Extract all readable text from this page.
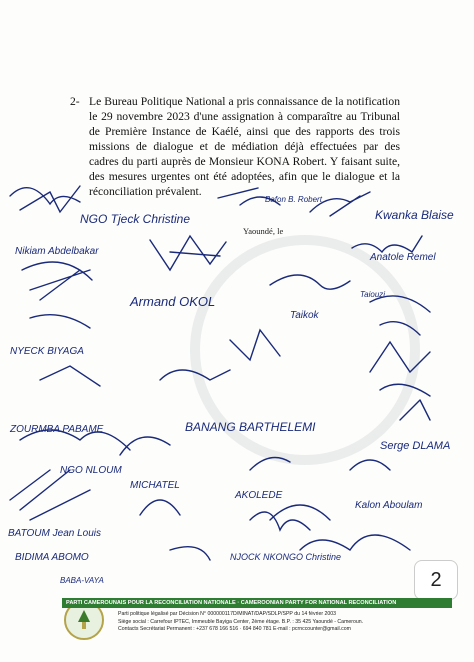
2- Le Bureau Politique National a pris connaissance de la notification le 29 novembre 2023 d'une assignation à comparaître au Tribunal de Première Instance de Kaélé, ainsi que des rapports des trois missions de dialogue et de médiation déjà effectuées par des cadres du parti auprès de Monsieur KONA Robert. Y faisant suite, des mesures urgentes ont été adoptées, afin que le dialogue et la réconciliation prévalent.

Yaoundé, le
NGO Tjeck Christine
Bafon B. Robert
Kwanka Blaise
Nikiam Abdelbakar
Armand OKOL
Anatole Remel
Taiouzi
NYECK BIYAGA
Taikok
ZOURMBA PABAME	BANANG BARTHELEMI
Serge DLAMA
NGO NLOUM
MICHATEL
AKOLEDE
Kalon Aboulam
BATOUM Jean Louis
BIDIMA ABOMO
BABA-VAYA
NJOCK NKONGO Christine
2
PARTI CAMEROUNAIS POUR LA RECONCILIATION NATIONALE · CAMEROONIAN PARTY FOR NATIONAL RECONCILIATION
Parti politique légalisé par Décision N° 000000117D/MINAT/DAP/SDLP/SPP du 14 février 2003
Siège social : Carrefour IPTEC, Immeuble Bayiga Center, 2ème étage. B.P. : 35 425 Yaoundé - Cameroun.
Contacts Secrétariat Permanent : +237 678 166 516 · 694 840 781 E-mail : pcrnccounter@gmail.com
